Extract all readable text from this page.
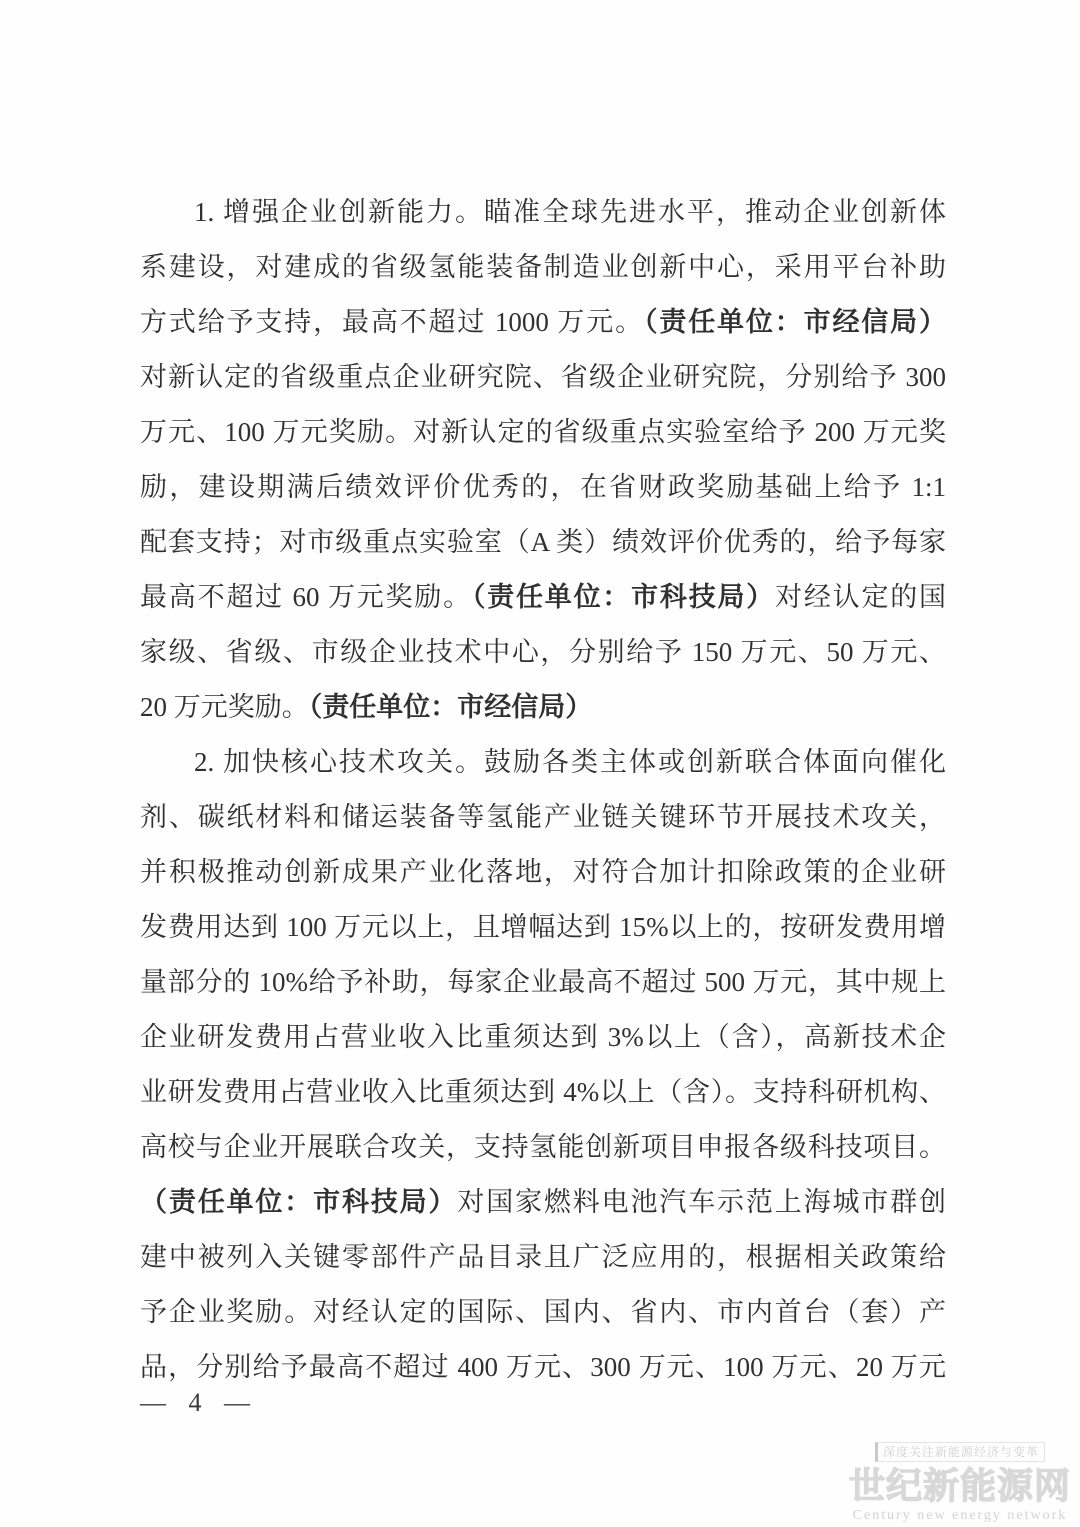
1. 增强企业创新能力。瞄准全球先进水平，推动企业创新体
系建设，对建成的省级氢能装备制造业创新中心，采用平台补助
方式给予支持，最高不超过 1000 万元。（责任单位：市经信局）
对新认定的省级重点企业研究院、省级企业研究院，分别给予 300
万元、100 万元奖励。对新认定的省级重点实验室给予 200 万元奖
励，建设期满后绩效评价优秀的，在省财政奖励基础上给予 1:1
配套支持；对市级重点实验室（A 类）绩效评价优秀的，给予每家
最高不超过 60 万元奖励。（责任单位：市科技局）对经认定的国
家级、省级、市级企业技术中心，分别给予 150 万元、50 万元、
20 万元奖励。（责任单位：市经信局）
2. 加快核心技术攻关。鼓励各类主体或创新联合体面向催化
剂、碳纸材料和储运装备等氢能产业链关键环节开展技术攻关，
并积极推动创新成果产业化落地，对符合加计扣除政策的企业研
发费用达到 100 万元以上，且增幅达到 15%以上的，按研发费用增
量部分的 10%给予补助，每家企业最高不超过 500 万元，其中规上
企业研发费用占营业收入比重须达到 3%以上（含），高新技术企
业研发费用占营业收入比重须达到 4%以上（含）。支持科研机构、
高校与企业开展联合攻关，支持氢能创新项目申报各级科技项目。
（责任单位：市科技局）对国家燃料电池汽车示范上海城市群创
建中被列入关键零部件产品目录且广泛应用的，根据相关政策给
予企业奖励。对经认定的国际、国内、省内、市内首台（套）产
品，分别给予最高不超过 400 万元、300 万元、100 万元、20 万元
— 4 —
深度关注新能源经济与变革
世纪新能源网
Century new energy network
